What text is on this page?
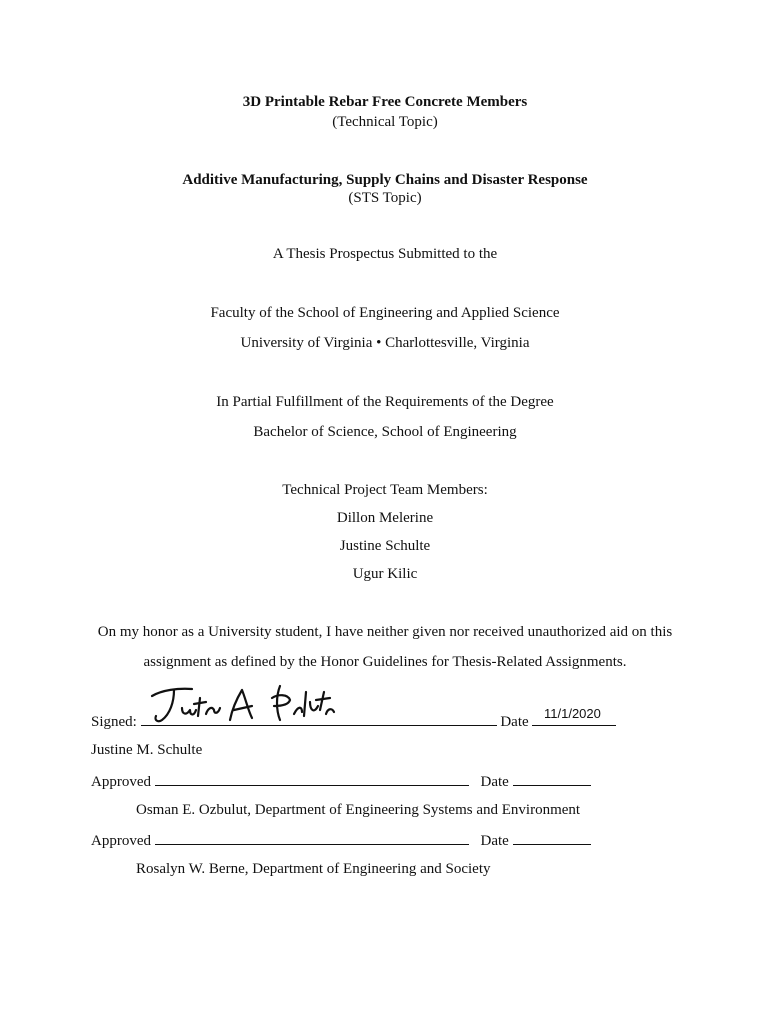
3D Printable Rebar Free Concrete Members
(Technical Topic)
Additive Manufacturing, Supply Chains and Disaster Response
(STS Topic)
A Thesis Prospectus Submitted to the
Faculty of the School of Engineering and Applied Science
University of Virginia • Charlottesville, Virginia
In Partial Fulfillment of the Requirements of the Degree
Bachelor of Science, School of Engineering
Technical Project Team Members:
Dillon Melerine
Justine Schulte
Ugur Kilic
On my honor as a University student, I have neither given nor received unauthorized aid on this
assignment as defined by the Honor Guidelines for Thesis-Related Assignments.
Signed:	Date
11/1/2020
Justine M. Schulte
Approved	Date
Osman E. Ozbulut, Department of Engineering Systems and Environment
Approved	Date
Rosalyn W. Berne, Department of Engineering and Society
